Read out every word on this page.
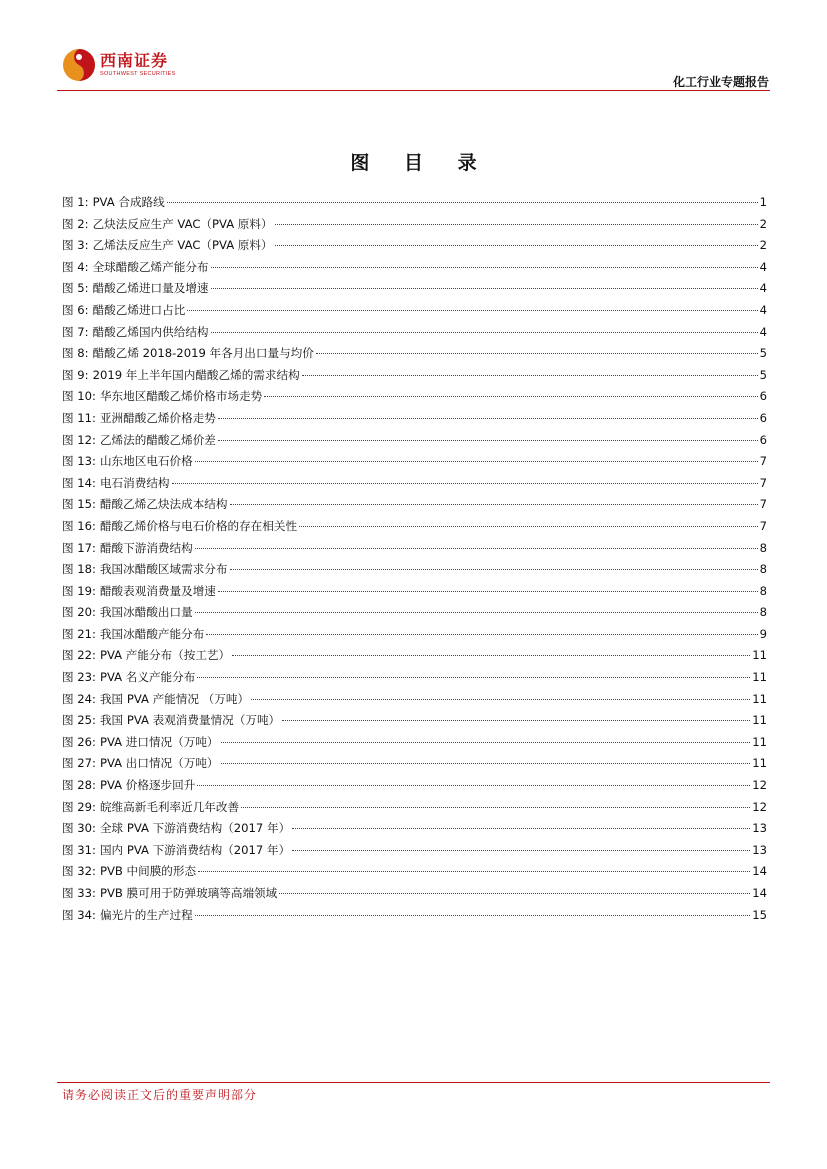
西南证券
SOUTHWEST SECURITIES
化工行业专题报告
图 目 录
图 1: PVA 合成路线	1
图 2: 乙炔法反应生产 VAC（PVA 原料）	2
图 3: 乙烯法反应生产 VAC（PVA 原料）	2
图 4: 全球醋酸乙烯产能分布	4
图 5: 醋酸乙烯进口量及增速	4
图 6: 醋酸乙烯进口占比	4
图 7: 醋酸乙烯国内供给结构	4
图 8: 醋酸乙烯 2018-2019 年各月出口量与均价	5
图 9: 2019 年上半年国内醋酸乙烯的需求结构	5
图 10: 华东地区醋酸乙烯价格市场走势	6
图 11: 亚洲醋酸乙烯价格走势	6
图 12: 乙烯法的醋酸乙烯价差	6
图 13: 山东地区电石价格	7
图 14: 电石消费结构	7
图 15: 醋酸乙烯乙炔法成本结构	7
图 16: 醋酸乙烯价格与电石价格的存在相关性	7
图 17: 醋酸下游消费结构	8
图 18: 我国冰醋酸区域需求分布	8
图 19: 醋酸表观消费量及增速	8
图 20: 我国冰醋酸出口量	8
图 21: 我国冰醋酸产能分布	9
图 22: PVA 产能分布（按工艺）	11
图 23: PVA 名义产能分布	11
图 24: 我国 PVA 产能情况 （万吨）	11
图 25: 我国 PVA 表观消费量情况（万吨）	11
图 26: PVA 进口情况（万吨）	11
图 27: PVA 出口情况（万吨）	11
图 28: PVA 价格逐步回升	12
图 29: 皖维高新毛利率近几年改善	12
图 30: 全球 PVA 下游消费结构（2017 年）	13
图 31: 国内 PVA 下游消费结构（2017 年）	13
图 32: PVB 中间膜的形态	14
图 33: PVB 膜可用于防弹玻璃等高端领域	14
图 34: 偏光片的生产过程	15
请务必阅读正文后的重要声明部分
